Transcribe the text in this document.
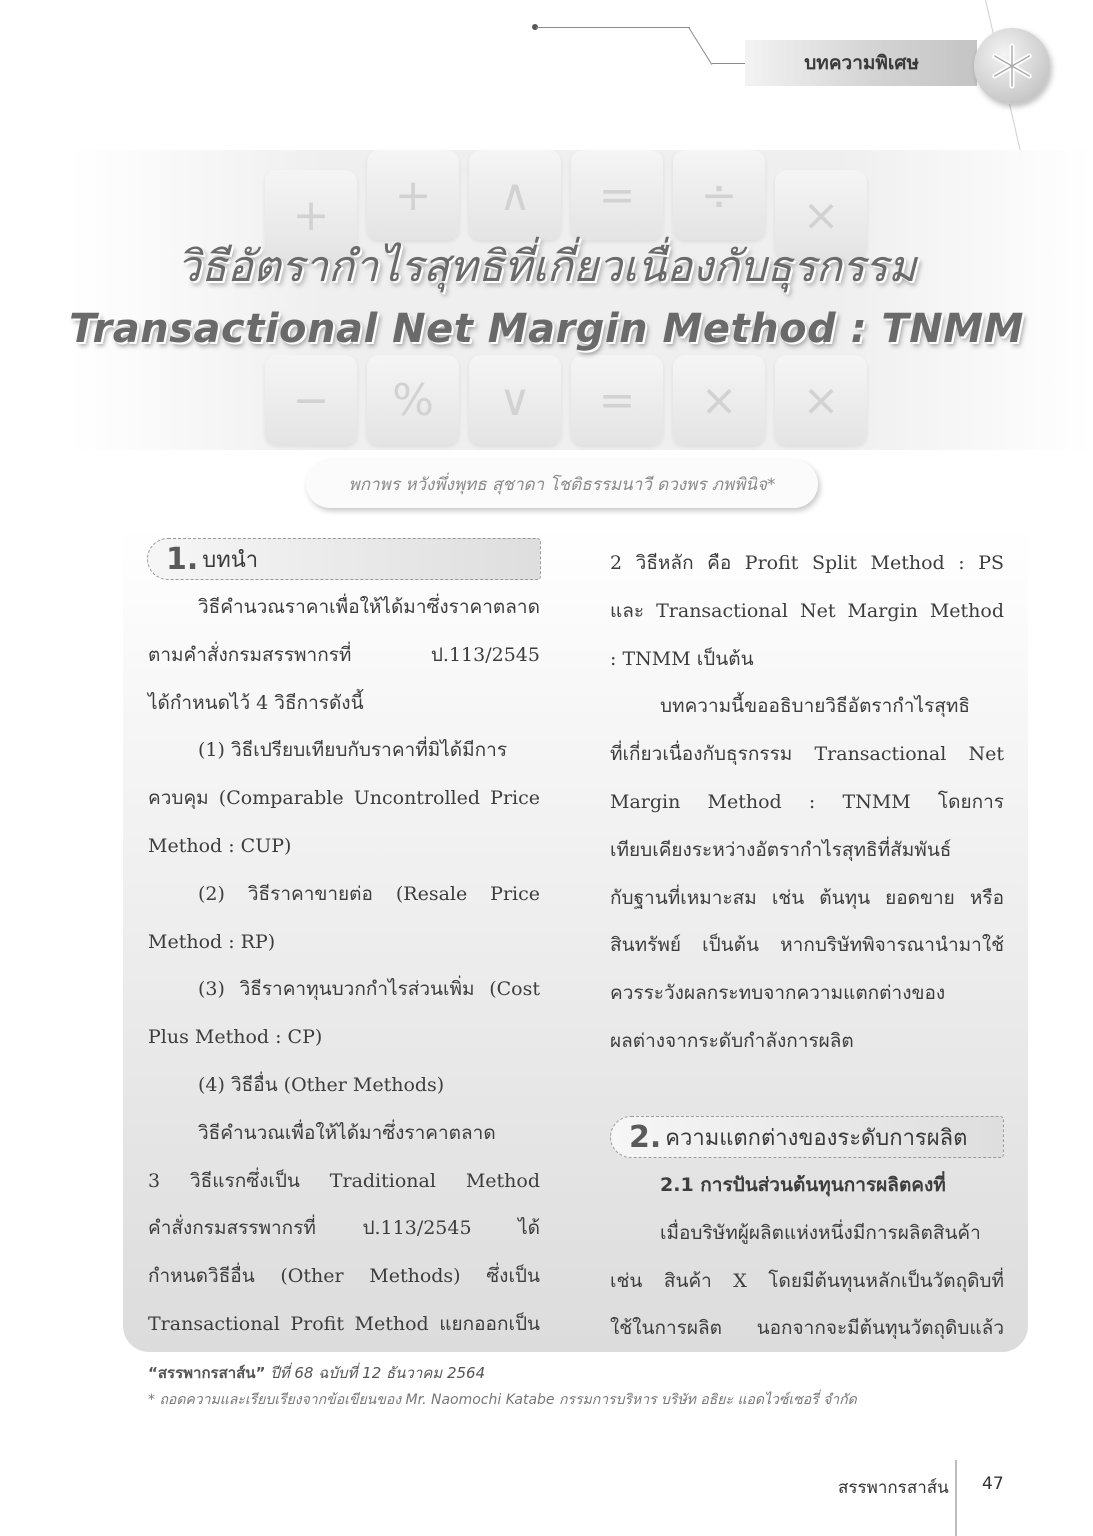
บทความพิเศษ
+	+	∧	=	÷	×
−	%	∨	=	×	×
วิธีอัตรากำไรสุทธิที่เกี่ยวเนื่องกับธุรกรรม
Transactional Net Margin Method : TNMM
พกาพร หวังพึ่งพุทธ สุชาดา โชติธรรมนาวี ดวงพร ภพพินิจ*
1. บทนำ

วิธีคำนวณราคาเพื่อให้ได้มาซึ่งราคาตลาด

ตามคำสั่งกรมสรรพากรที่ ป.113/2545

ได้กำหนดไว้ 4 วิธีการดังนี้

(1) วิธีเปรียบเทียบกับราคาที่มิได้มีการ

ควบคุม (Comparable Uncontrolled Price

Method : CUP)

(2) วิธีราคาขายต่อ (Resale Price

Method : RP)

(3) วิธีราคาทุนบวกกำไรส่วนเพิ่ม (Cost

Plus Method : CP)

(4) วิธีอื่น (Other Methods)

วิธีคำนวณเพื่อให้ได้มาซึ่งราคาตลาด

3 วิธีแรกซึ่งเป็น Traditional Method

คำสั่งกรมสรรพากรที่ ป.113/2545 ได้

กำหนดวิธีอื่น (Other Methods) ซึ่งเป็น

Transactional Profit Method แยกออกเป็น

2 วิธีหลัก คือ Profit Split Method : PS

และ Transactional Net Margin Method

: TNMM เป็นต้น

บทความนี้ขออธิบายวิธีอัตรากำไรสุทธิ

ที่เกี่ยวเนื่องกับธุรกรรม Transactional Net

Margin Method : TNMM โดยการ

เทียบเคียงระหว่างอัตรากำไรสุทธิที่สัมพันธ์

กับฐานที่เหมาะสม เช่น ต้นทุน ยอดขาย หรือ

สินทรัพย์ เป็นต้น หากบริษัทพิจารณานำมาใช้

ควรระวังผลกระทบจากความแตกต่างของ

ผลต่างจากระดับกำลังการผลิต

2. ความแตกต่างของระดับการผลิต

2.1 การปันส่วนต้นทุนการผลิตคงที่

เมื่อบริษัทผู้ผลิตแห่งหนึ่งมีการผลิตสินค้า

เช่น สินค้า X โดยมีต้นทุนหลักเป็นวัตถุดิบที่

ใช้ในการผลิต นอกจากจะมีต้นทุนวัตถุดิบแล้ว

“สรรพากรสาส์น” ปีที่ 68 ฉบับที่ 12 ธันวาคม 2564
* ถอดความและเรียบเรียงจากข้อเขียนของ Mr. Naomochi Katabe กรรมการบริหาร บริษัท อธิยะ แอดไวซ์เซอรี่ จำกัด
สรรพากรสาส์น 47
